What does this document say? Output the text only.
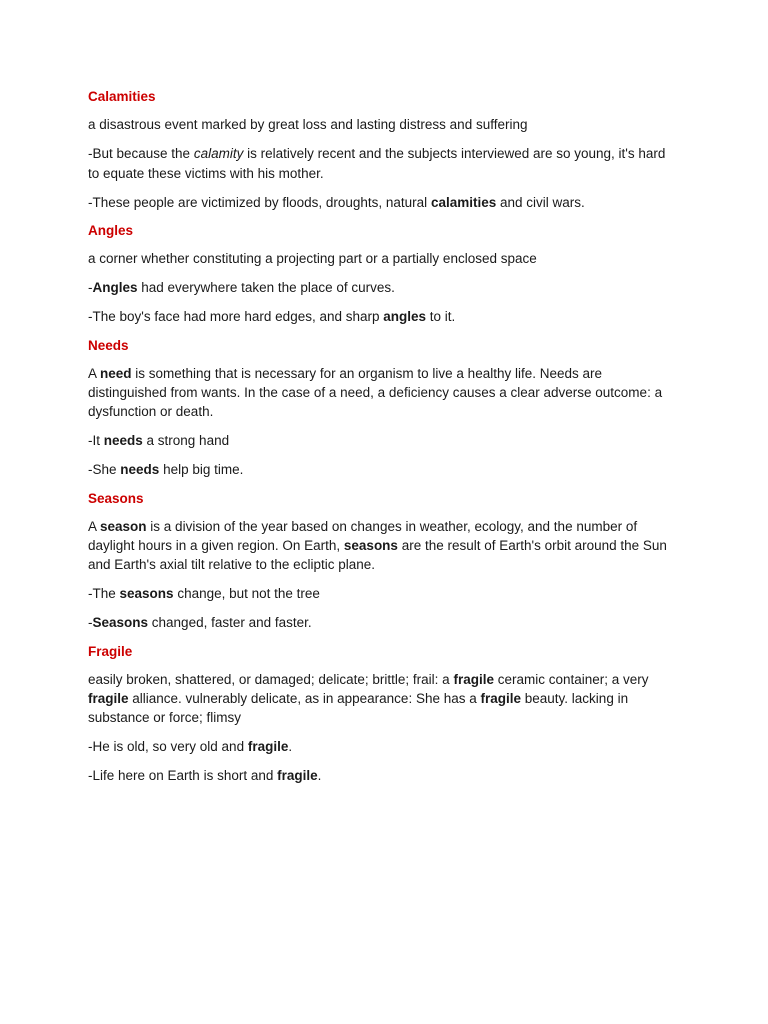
Calamities
a disastrous event marked by great loss and lasting distress and suffering
-But because the calamity is relatively recent and the subjects interviewed are so young, it's hard to equate these victims with his mother.
-These people are victimized by floods, droughts, natural calamities and civil wars.
Angles
a corner whether constituting a projecting part or a partially enclosed space
-Angles had everywhere taken the place of curves.
-The boy's face had more hard edges, and sharp angles to it.
Needs
A need is something that is necessary for an organism to live a healthy life. Needs are distinguished from wants. In the case of a need, a deficiency causes a clear adverse outcome: a dysfunction or death.
-It needs a strong hand
-She needs help big time.
Seasons
A season is a division of the year based on changes in weather, ecology, and the number of daylight hours in a given region. On Earth, seasons are the result of Earth's orbit around the Sun and Earth's axial tilt relative to the ecliptic plane.
-The seasons change, but not the tree
-Seasons changed, faster and faster.
Fragile
easily broken, shattered, or damaged; delicate; brittle; frail: a fragile ceramic container; a very fragile alliance. vulnerably delicate, as in appearance: She has a fragile beauty. lacking in substance or force; flimsy
-He is old, so very old and fragile.
-Life here on Earth is short and fragile.
